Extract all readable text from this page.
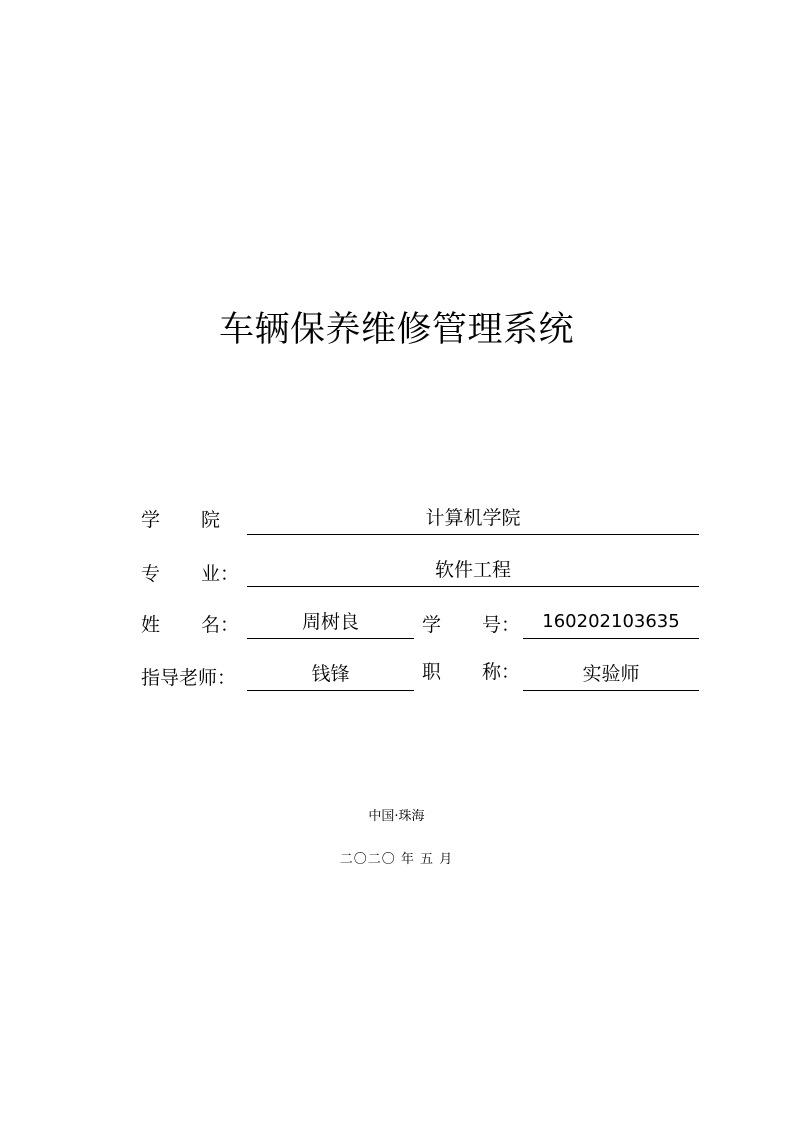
车辆保养维修管理系统
学 院	计算机学院
专 业：	软件工程
姓 名：	周树良	学 号：	160202103635
指导老师：	钱锋	职 称：	实验师
中国·珠海
二〇二〇 年 五 月
